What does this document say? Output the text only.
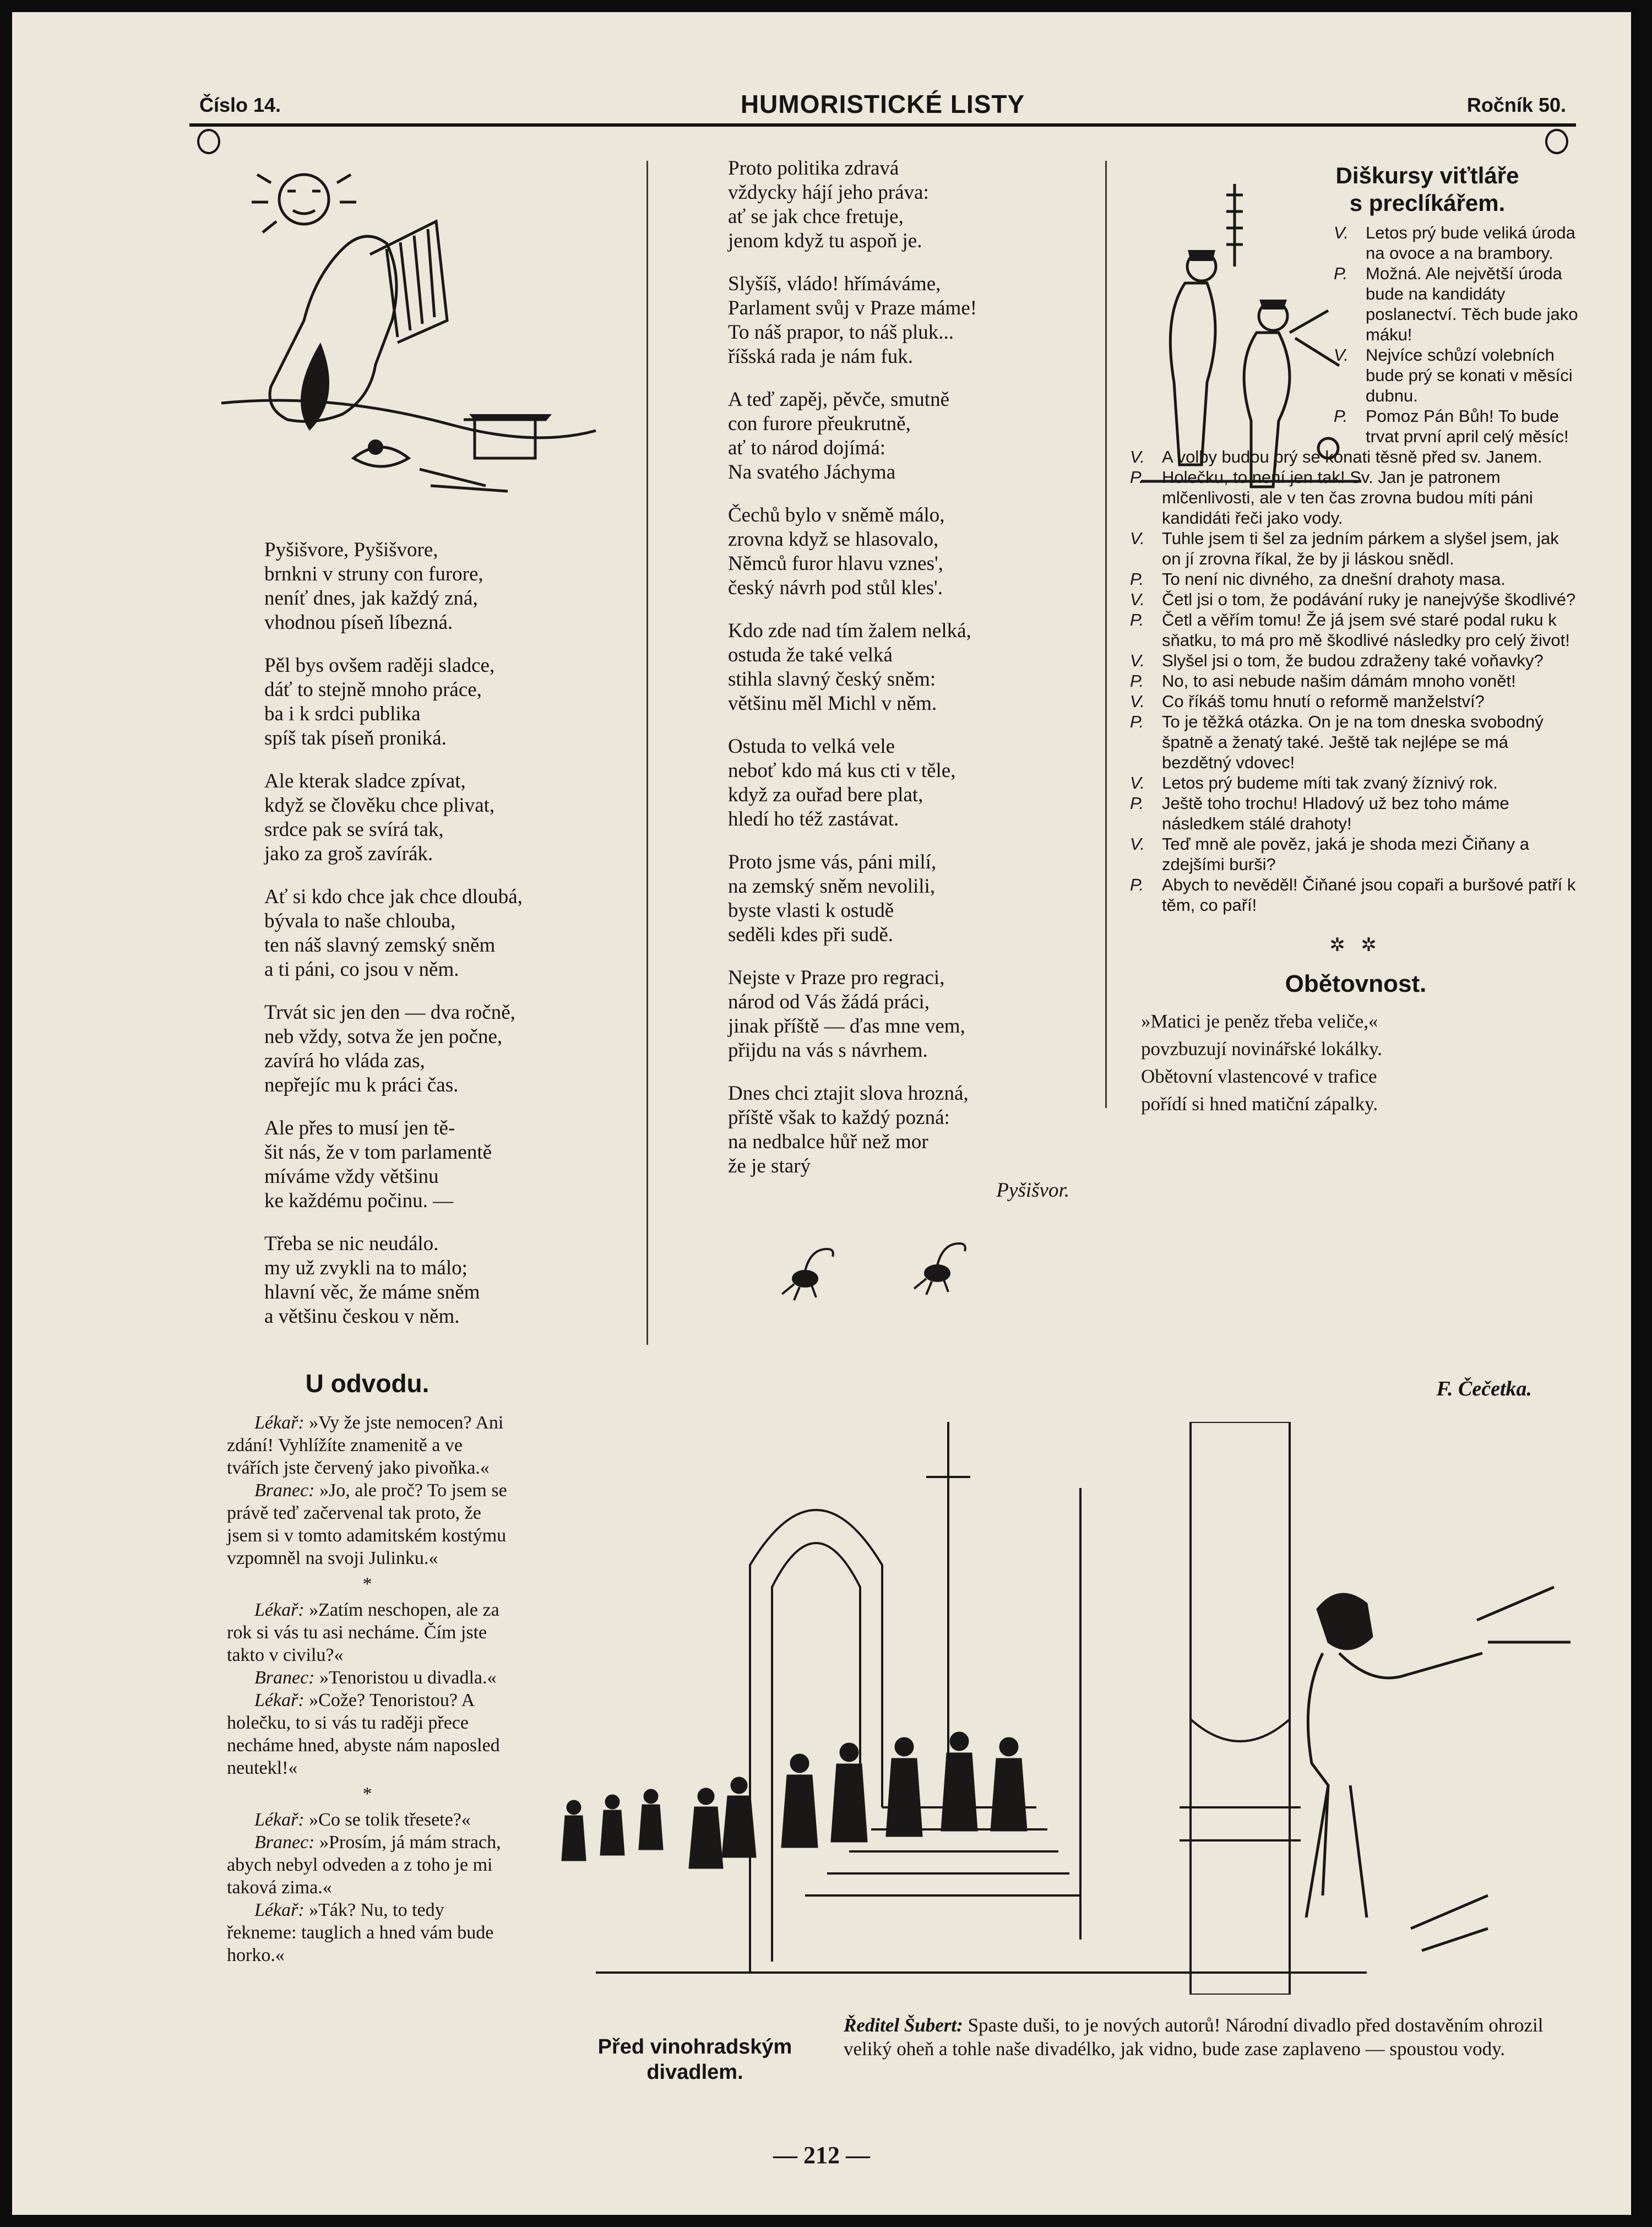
Číslo 14.	HUMORISTICKÉ LISTY	Ročník 50.

Pyšišvore, Pyšišvore,
brnkni v struny con furore,
neníť dnes, jak každý zná,
vhodnou píseň líbezná.

Pěl bys ovšem raději sladce,
dáť to stejně mnoho práce,
ba i k srdci publika
spíš tak píseň proniká.

Ale kterak sladce zpívat,
když se člověku chce plivat,
srdce pak se svírá tak,
jako za groš zavírák.

Ať si kdo chce jak chce dloubá,
bývala to naše chlouba,
ten náš slavný zemský sněm
a ti páni, co jsou v něm.

Trvát sic jen den — dva ročně,
neb vždy, sotva že jen počne,
zavírá ho vláda zas,
nepřejíc mu k práci čas.

Ale přes to musí jen tě-
šit nás, že v tom parlamentě
míváme vždy většinu
ke každému počinu. —

Třeba se nic neudálo.
my už zvykli na to málo;
hlavní věc, že máme sněm
a většinu českou v něm.

Proto politika zdravá
vždycky hájí jeho práva:
ať se jak chce fretuje,
jenom když tu aspoň je.

Slyšíš, vládo! hřímáváme,
Parlament svůj v Praze máme!
To náš prapor, to náš pluk...
říšská rada je nám fuk.

A teď zapěj, pěvče, smutně
con furore přeukrutně,
ať to národ dojímá:
Na svatého Jáchyma

Čechů bylo v sněmě málo,
zrovna když se hlasovalo,
Němců furor hlavu vznes',
český návrh pod stůl kles'.

Kdo zde nad tím žalem nelká,
ostuda že také velká
stihla slavný český sněm:
většinu měl Michl v něm.

Ostuda to velká vele
neboť kdo má kus cti v těle,
když za ouřad bere plat,
hledí ho též zastávat.

Proto jsme vás, páni milí,
na zemský sněm nevolili,
byste vlasti k ostudě
seděli kdes při sudě.

Nejste v Praze pro regraci,
národ od Vás žádá práci,
jinak příště — ďas mne vem,
přijdu na vás s návrhem.

Dnes chci ztajit slova hrozná,
příště však to každý pozná:
na nedbalce hůř než mor
že je starý

Pyšišvor.
Diškursy viťtláře
s preclíkářem.
V.	Letos prý bude veliká úroda na ovoce a na brambory.
P.	Možná. Ale největší úroda bude na kandidáty poslanectví. Těch bude jako máku!
V.	Nejvíce schůzí volebních bude prý se konati v měsíci dubnu.
P.	Pomoz Pán Bůh! To bude trvat první april celý měsíc!
V.	A volby budou prý se konati těsně před sv. Janem.
P.	Holečku, to není jen tak! Sv. Jan je patronem mlčenlivosti, ale v ten čas zrovna budou míti páni kandidáti řeči jako vody.
V.	Tuhle jsem ti šel za jedním párkem a slyšel jsem, jak on jí zrovna říkal, že by ji láskou snědl.
P.	To není nic divného, za dnešní drahoty masa.
V.	Četl jsi o tom, že podávání ruky je nanejvýše škodlivé?
P.	Četl a věřím tomu! Že já jsem své staré podal ruku k sňatku, to má pro mě škodlivé následky pro celý život!
V.	Slyšel jsi o tom, že budou zdraženy také voňavky?
P.	No, to asi nebude našim dámám mnoho vonět!
V.	Co říkáš tomu hnutí o reformě manželství?
P.	To je těžká otázka. On je na tom dneska svobodný špatně a ženatý také. Ještě tak nejlépe se má bezdětný vdovec!
V.	Letos prý budeme míti tak zvaný žíznivý rok.
P.	Ještě toho trochu! Hladový už bez toho máme následkem stálé drahoty!
V.	Teď mně ale pověz, jaká je shoda mezi Čiňany a zdejšími burši?
P.	Abych to nevěděl! Čiňané jsou copaři a buršové patří k těm, co paří!
✲ ✲
Obětovnost.
»Matici je peněz třeba veliče,«
povzbuzují novinářské lokálky.
Obětovní vlastencové v trafice
pořídí si hned matiční zápalky.
U odvodu.
Lékař: »Vy že jste nemocen? Ani zdání! Vyhlížíte znamenitě a ve tvářích jste červený jako pivoňka.«
Branec: »Jo, ale proč? To jsem se právě teď začervenal tak proto, že jsem si v tomto adamitském kostýmu vzpomněl na svoji Julinku.«
*
Lékař: »Zatím neschopen, ale za rok si vás tu asi necháme. Čím jste takto v civilu?«
Branec: »Tenoristou u divadla.«
Lékař: »Cože? Tenoristou? A holečku, to si vás tu raději přece necháme hned, abyste nám naposled neutekl!«
*
Lékař: »Co se tolik třesete?«
Branec: »Prosím, já mám strach, abych nebyl odveden a z toho je mi taková zima.«
Lékař: »Ták? Nu, to tedy řekneme: tauglich a hned vám bude horko.«
F. Čečetka.
Před vinohradským
divadlem.
Ředitel Šubert: Spaste duši, to je nových autorů! Národní divadlo před dostavěním ohrozil veliký oheň a tohle naše divadélko, jak vidno, bude zase zaplaveno — spoustou vody.
— 212 —
